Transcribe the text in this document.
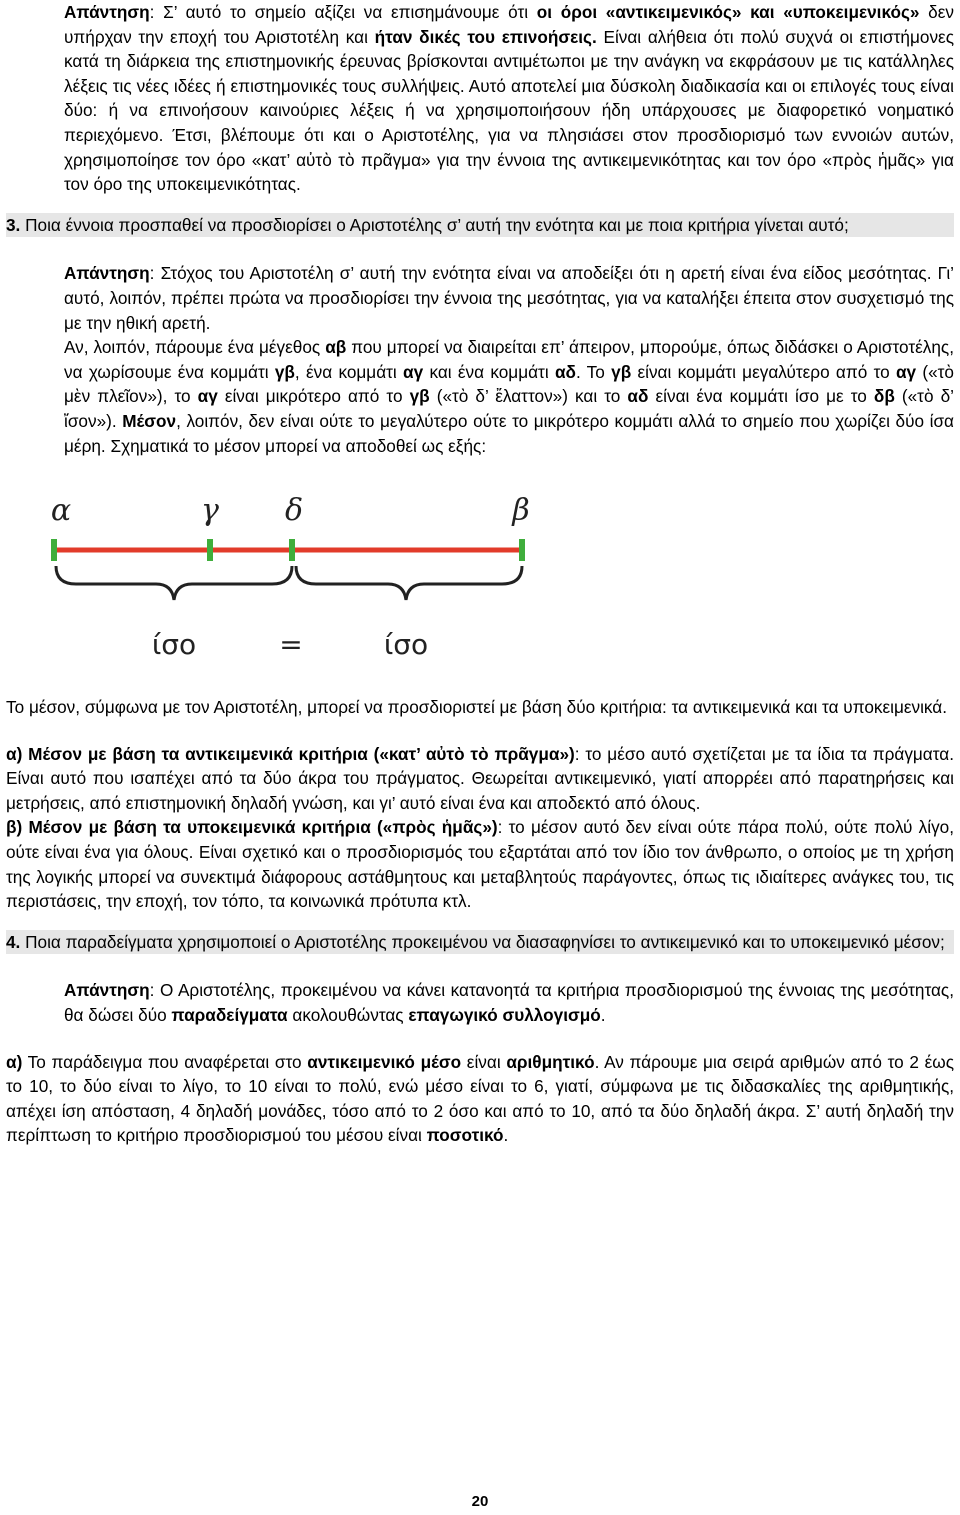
Απάντηση: Σ’ αυτό το σημείο αξίζει να επισημάνουμε ότι οι όροι «αντικειμενικός» και «υποκειμενικός» δεν υπήρχαν την εποχή του Αριστοτέλη και ήταν δικές του επινοήσεις. Είναι αλήθεια ότι πολύ συχνά οι επιστήμονες κατά τη διάρκεια της επιστημονικής έρευνας βρίσκονται αντιμέτωποι με την ανάγκη να εκφράσουν με τις κατάλληλες λέξεις τις νέες ιδέες ή επιστημονικές τους συλλήψεις. Αυτό αποτελεί μια δύσκολη διαδικασία και οι επιλογές τους είναι δύο: ή να επινοήσουν καινούριες λέξεις ή να χρησιμοποιήσουν ήδη υπάρχουσες με διαφορετικό νοηματικό περιεχόμενο. Έτσι, βλέπουμε ότι και ο Αριστοτέλης, για να πλησιάσει στον προσδιορισμό των εννοιών αυτών, χρησιμοποίησε τον όρο «κατ’ αὐτὸ τὸ πρᾶγμα» για την έννοια της αντικειμενικότητας και τον όρο «πρὸς ἡμᾶς» για τον όρο της υποκειμενικότητας.

3. Ποια έννοια προσπαθεί να προσδιορίσει ο Αριστοτέλης σ’ αυτή την ενότητα και με ποια κριτήρια γίνεται αυτό;

Απάντηση: Στόχος του Αριστοτέλη σ’ αυτή την ενότητα είναι να αποδείξει ότι η αρετή είναι ένα είδος μεσότητας. Γι’ αυτό, λοιπόν, πρέπει πρώτα να προσδιορίσει την έννοια της μεσότητας, για να καταλήξει έπειτα στον συσχετισμό της με την ηθική αρετή.

Αν, λοιπόν, πάρουμε ένα μέγεθος αβ που μπορεί να διαιρείται επ’ άπειρον, μπορούμε, όπως διδάσκει ο Αριστοτέλης, να χωρίσουμε ένα κομμάτι γβ, ένα κομμάτι αγ και ένα κομμάτι αδ. Το γβ είναι κομμάτι μεγαλύτερο από το αγ («τὸ μὲν πλεῖον»), το αγ είναι μικρότερο από το γβ («τὸ δ’ ἔλαττον») και το αδ είναι ένα κομμάτι ίσο με το δβ («τὸ δ’ ἴσον»). Μέσον, λοιπόν, δεν είναι ούτε το μεγαλύτερο ούτε το μικρότερο κομμάτι αλλά το σημείο που χωρίζει δύο ίσα μέρη. Σχηματικά το μέσον μπορεί να αποδοθεί ως εξής:

α	γ δ	β
ίσο	=	ίσο

Το μέσον, σύμφωνα με τον Αριστοτέλη, μπορεί να προσδιοριστεί με βάση δύο κριτήρια: τα αντικειμενικά και τα υποκειμενικά.

α) Μέσον με βάση τα αντικειμενικά κριτήρια («κατ’ αὐτὸ τὸ πρᾶγμα»): το μέσο αυτό σχετίζεται με τα ίδια τα πράγματα. Είναι αυτό που ισαπέχει από τα δύο άκρα του πράγματος. Θεωρείται αντικειμενικό, γιατί απορρέει από παρατηρήσεις και μετρήσεις, από επιστημονική δηλαδή γνώση, και γι’ αυτό είναι ένα και αποδεκτό από όλους.

β) Μέσον με βάση τα υποκειμενικά κριτήρια («πρὸς ἡμᾶς»): το μέσον αυτό δεν είναι ούτε πάρα πολύ, ούτε πολύ λίγο, ούτε είναι ένα για όλους. Είναι σχετικό και ο προσδιορισμός του εξαρτάται από τον ίδιο τον άνθρωπο, ο οποίος με τη χρήση της λογικής μπορεί να συνεκτιμά διάφορους αστάθμητους και μεταβλητούς παράγοντες, όπως τις ιδιαίτερες ανάγκες του, τις περιστάσεις, την εποχή, τον τόπο, τα κοινωνικά πρότυπα κτλ.

4. Ποια παραδείγματα χρησιμοποιεί ο Αριστοτέλης προκειμένου να διασαφηνίσει το αντικειμενικό και το υποκειμενικό μέσον;

Απάντηση: Ο Αριστοτέλης, προκειμένου να κάνει κατανοητά τα κριτήρια προσδιορισμού της έννοιας της μεσότητας, θα δώσει δύο παραδείγματα ακολουθώντας επαγωγικό συλλογισμό.

α) Το παράδειγμα που αναφέρεται στο αντικειμενικό μέσο είναι αριθμητικό. Αν πάρουμε μια σειρά αριθμών από το 2 έως το 10, το δύο είναι το λίγο, το 10 είναι το πολύ, ενώ μέσο είναι το 6, γιατί, σύμφωνα με τις διδασκαλίες της αριθμητικής, απέχει ίση απόσταση, 4 δηλαδή μονάδες, τόσο από το 2 όσο και από το 10, από τα δύο δηλαδή άκρα. Σ’ αυτή δηλαδή την περίπτωση το κριτήριο προσδιορισμού του μέσου είναι ποσοτικό.

20
